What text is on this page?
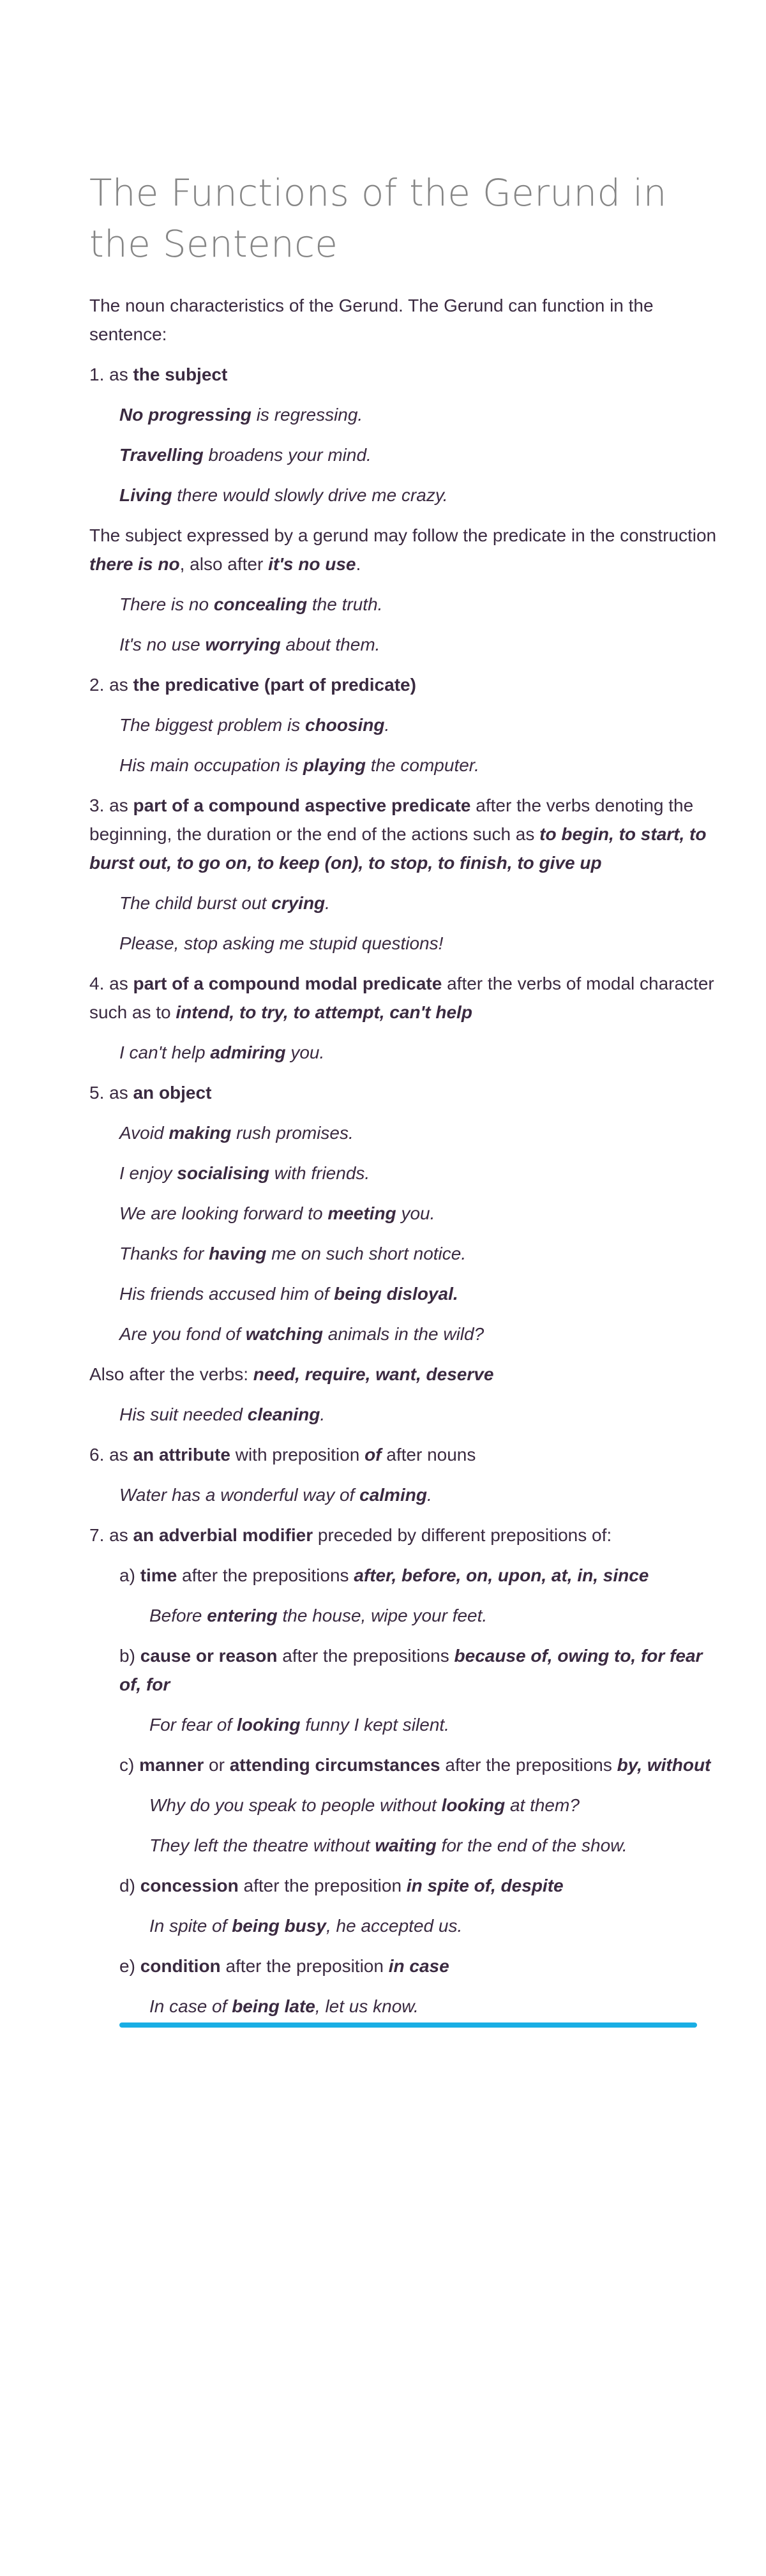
The Functions of the Gerund in the Sentence

The noun characteristics of the Gerund. The Gerund can function in the sentence:

1. as the subject

No progressing is regressing.

Travelling broadens your mind.

Living there would slowly drive me crazy.

The subject expressed by a gerund may follow the predicate in the construction there is no, also after it's no use.

There is no concealing the truth.

It's no use worrying about them.

2. as the predicative (part of predicate)

The biggest problem is choosing.

His main occupation is playing the computer.

3. as part of a compound aspective predicate after the verbs denoting the beginning, the duration or the end of the actions such as to begin, to start, to burst out, to go on, to keep (on), to stop, to finish, to give up

The child burst out crying.

Please, stop asking me stupid questions!

4. as part of a compound modal predicate after the verbs of modal character such as to intend, to try, to attempt, can't help

I can't help admiring you.

5. as an object

Avoid making rush promises.

I enjoy socialising with friends.

We are looking forward to meeting you.

Thanks for having me on such short notice.

His friends accused him of being disloyal.

Are you fond of watching animals in the wild?

Also after the verbs: need, require, want, deserve

His suit needed cleaning.

6. as an attribute with preposition of after nouns

Water has a wonderful way of calming.

7. as an adverbial modifier preceded by different prepositions of:

a) time after the prepositions after, before, on, upon, at, in, since

Before entering the house, wipe your feet.

b) cause or reason after the prepositions because of, owing to, for fear of, for

For fear of looking funny I kept silent.

c) manner or attending circumstances after the prepositions by, without

Why do you speak to people without looking at them?

They left the theatre without waiting for the end of the show.

d) concession after the preposition in spite of, despite

In spite of being busy, he accepted us.

e) condition after the preposition in case

In case of being late, let us know.
